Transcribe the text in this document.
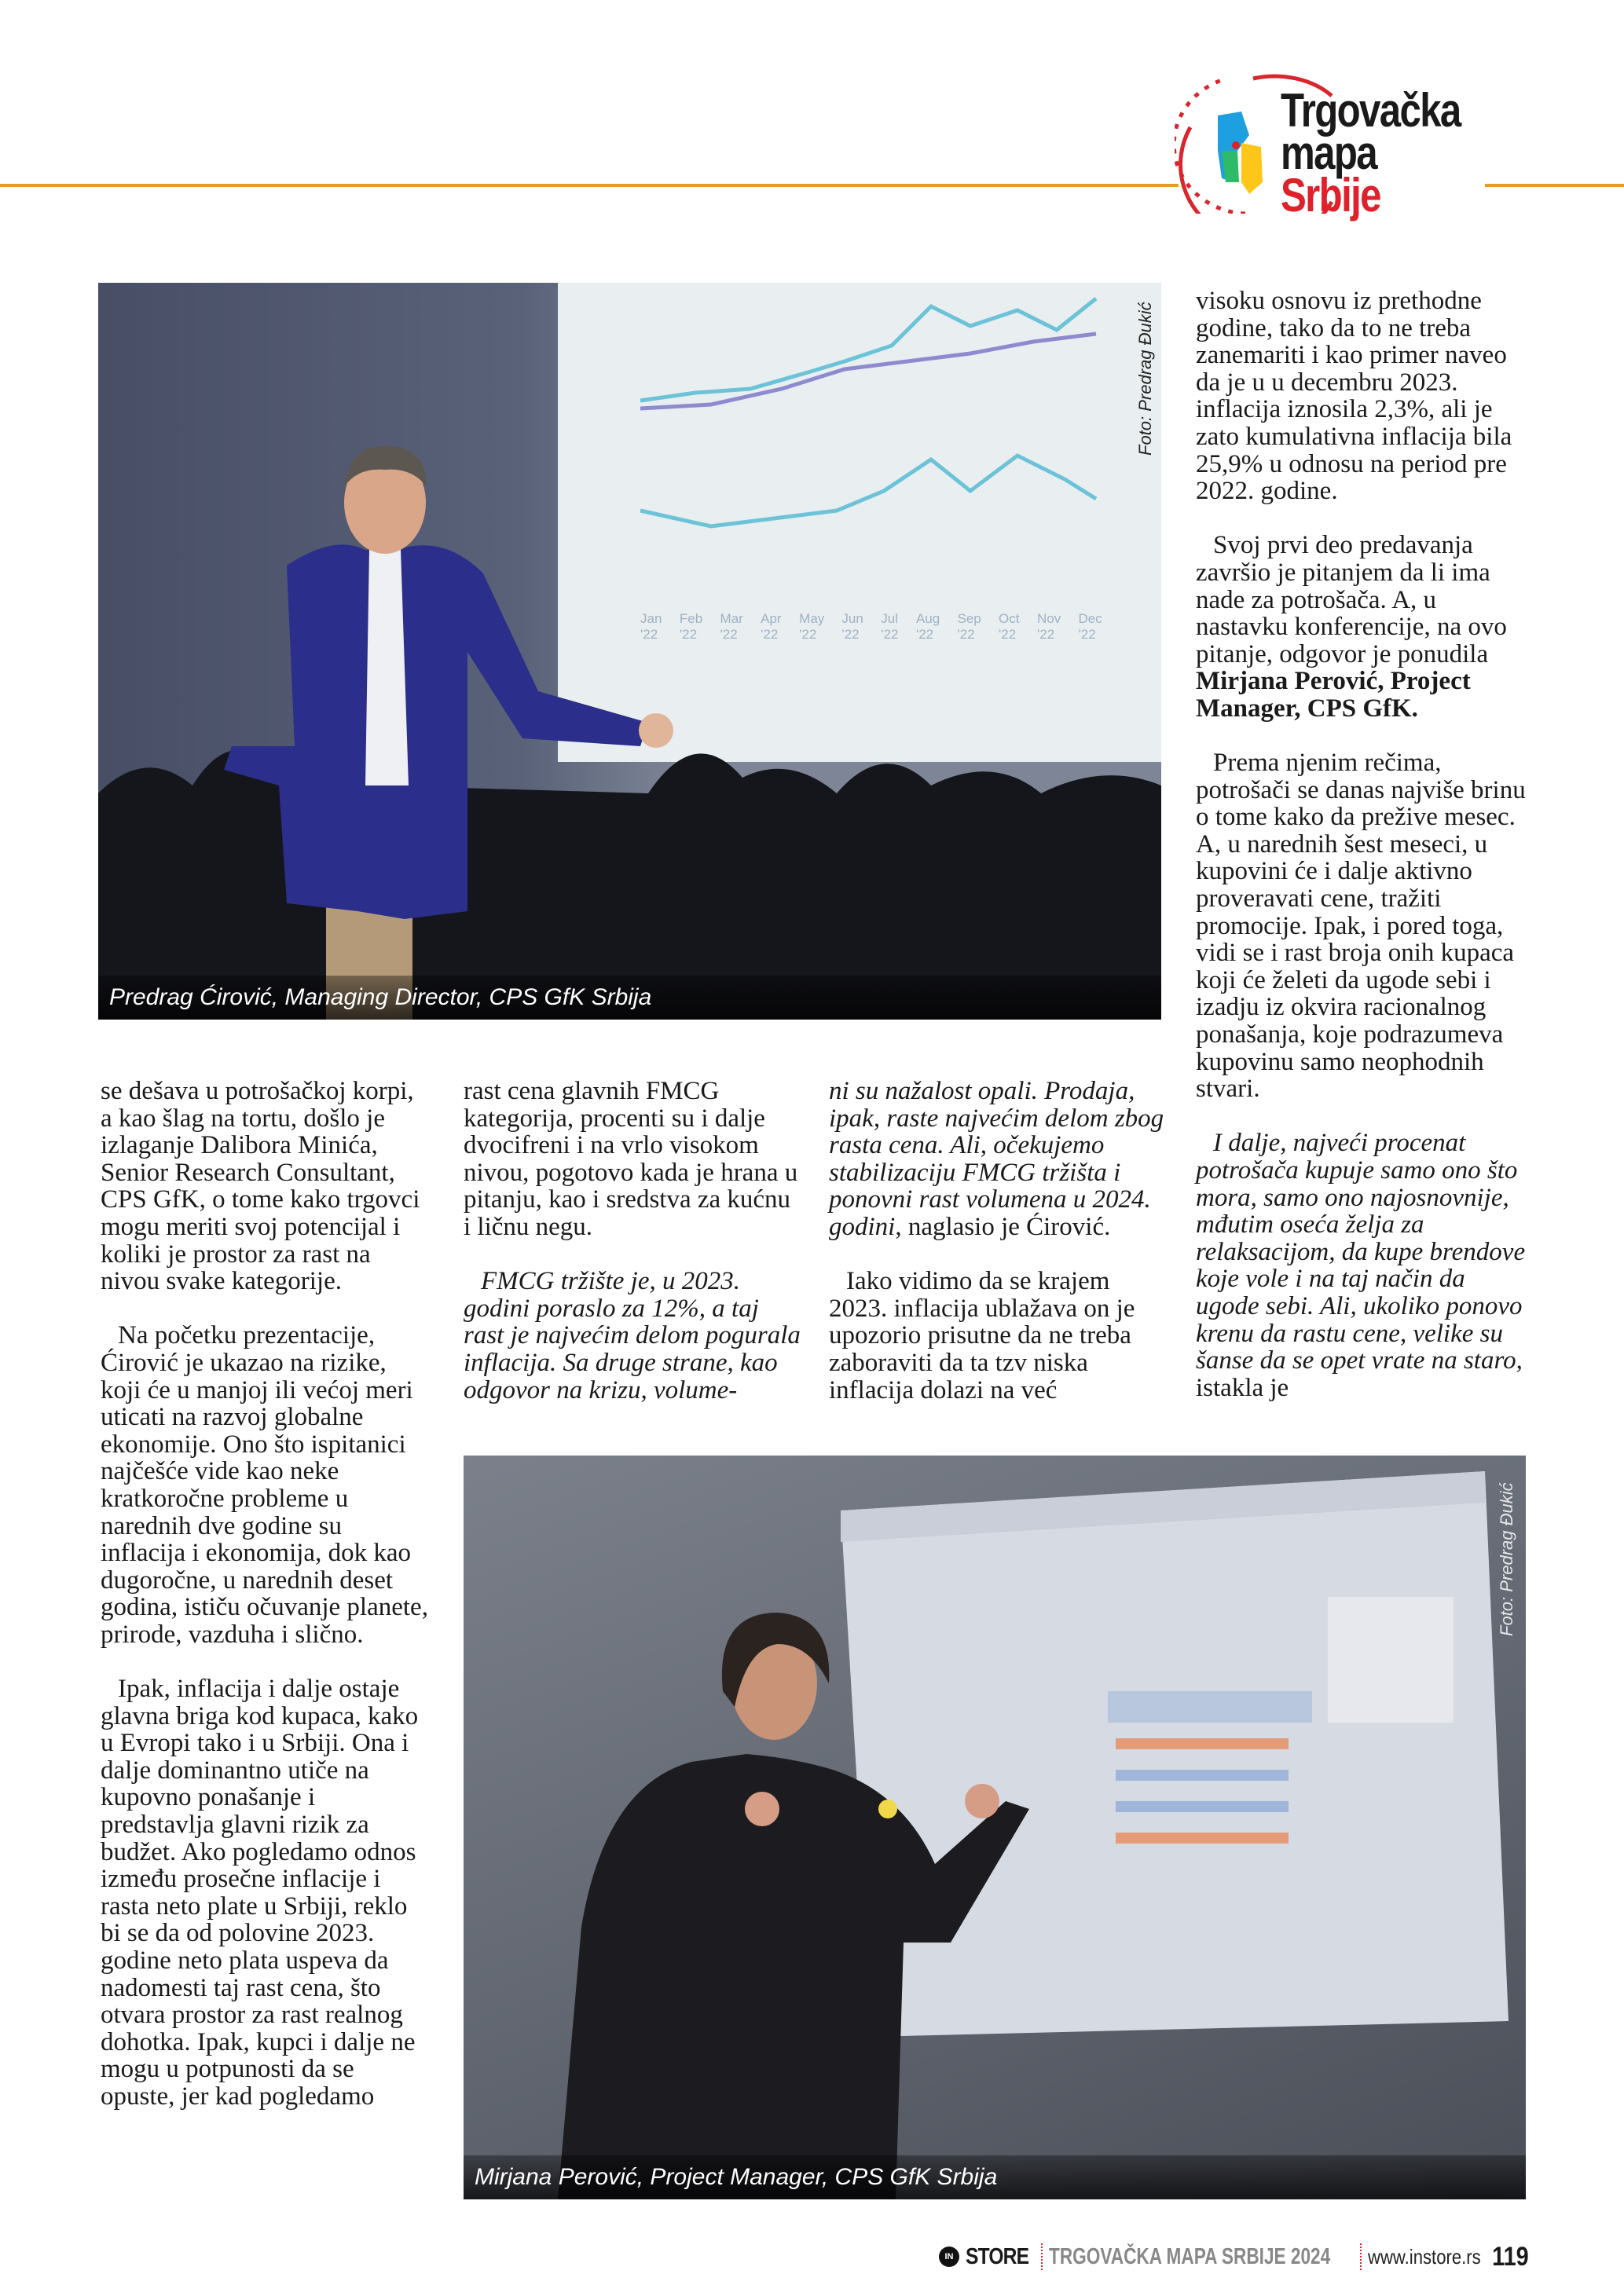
Trgovačka
mapa Srbije
Jan '22
Feb '22
Mar '22
Apr '22
May '22
Jun '22
Jul '22
Aug '22
Sep '22
Oct '22
Nov '22
Dec '22
Foto: Predrag Đukić
Predrag Ćirović, Managing Director, CPS GfK Srbija

visoku osnovu iz prethodne godine, tako da to ne treba zanemariti i kao primer naveo da je u u decembru 2023. inflacija iznosila 2,3%, ali je zato kumulativna inflacija bila 25,9% u odnosu na period pre 2022. godine.

Svoj prvi deo predavanja završio je pitanjem da li ima nade za potrošača. A, u nastavku konferencije, na ovo pitanje, odgovor je ponudila Mirjana Perović, Project Manager, CPS GfK.

Prema njenim rečima, potrošači se danas najviše brinu o tome kako da prežive mesec. A, u narednih šest meseci, u kupovini će i dalje aktivno proveravati cene, tražiti promocije. Ipak, i pored toga, vidi se i rast broja onih kupaca koji će želeti da ugode sebi i izadju iz okvira racionalnog ponašanja, koje podrazumeva kupovinu samo neophodnih stvari.

I dalje, najveći procenat potrošača kupuje samo ono što mora, samo ono najosnovnije, mđutim oseća želja za relaksacijom, da kupe brendove koje vole i na taj način da ugode sebi. Ali, ukoliko ponovo krenu da rastu cene, velike su šanse da se opet vrate na staro, istakla je

se dešava u potrošačkoj korpi, a kao šlag na tortu, došlo je izlaganje Dalibora Minića, Senior Research Consultant, CPS GfK, o tome kako trgovci mogu meriti svoj potencijal i koliki je prostor za rast na nivou svake kategorije.

Na početku prezentacije, Ćirović je ukazao na rizike, koji će u manjoj ili većoj meri uticati na razvoj globalne ekonomije. Ono što ispitanici najčešće vide kao neke kratkoročne probleme u narednih dve godine su inflacija i ekonomija, dok kao dugoročne, u narednih deset godina, ističu očuvanje planete, prirode, vazduha i slično.

Ipak, inflacija i dalje ostaje glavna briga kod kupaca, kako u Evropi tako i u Srbiji. Ona i dalje dominantno utiče na kupovno ponašanje i predstavlja glavni rizik za budžet. Ako pogledamo odnos između prosečne inflacije i rasta neto plate u Srbiji, reklo bi se da od polovine 2023. godine neto plata uspeva da nadomesti taj rast cena, što otvara prostor za rast realnog dohotka. Ipak, kupci i dalje ne mogu u potpunosti da se opuste, jer kad pogledamo

rast cena glavnih FMCG kategorija, procenti su i dalje dvocifreni i na vrlo visokom nivou, pogotovo kada je hrana u pitanju, kao i sredstva za kućnu i ličnu negu.

FMCG tržište je, u 2023. godini poraslo za 12%, a taj rast je najvećim delom pogurala inflacija. Sa druge strane, kao odgovor na krizu, volume-

ni su nažalost opali. Prodaja, ipak, raste najvećim delom zbog rasta cena. Ali, očekujemo stabilizaciju FMCG tržišta i ponovni rast volumena u 2024. godini, naglasio je Ćirović.

Iako vidimo da se krajem 2023. inflacija ublažava on je upozorio prisutne da ne treba zaboraviti da ta tzv niska inflacija dolazi na već

Foto: Predrag Đukić
Mirjana Perović, Project Manager, CPS GfK Srbija
IN STORE TRGOVAČKA MAPA SRBIJE 2024 www.instore.rs 119
